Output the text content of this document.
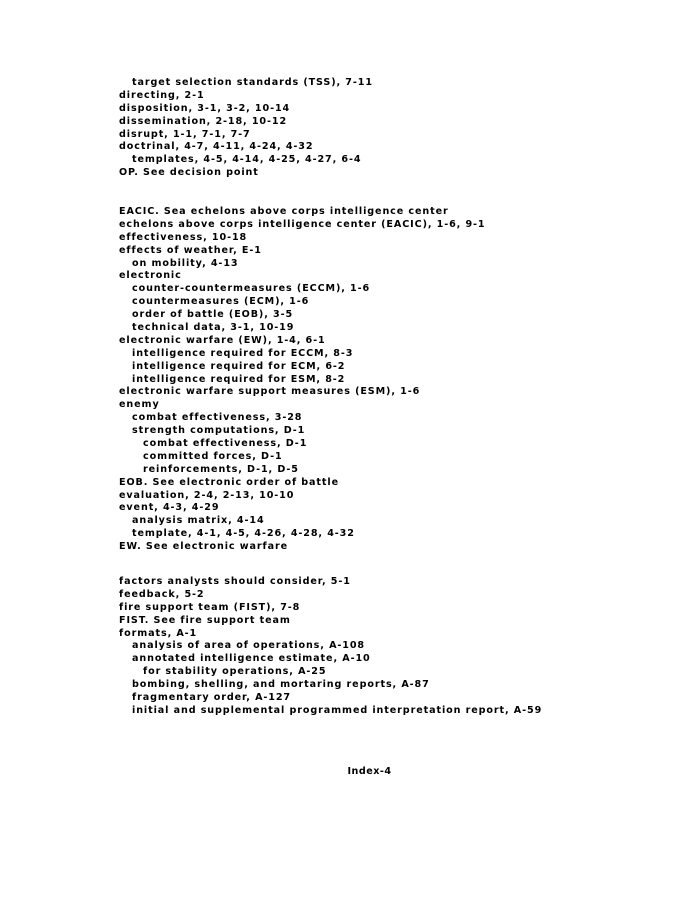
target selection standards (TSS), 7-11
directing, 2-1
disposition, 3-1, 3-2, 10-14
dissemination, 2-18, 10-12
disrupt, 1-1, 7-1, 7-7
doctrinal, 4-7, 4-11, 4-24, 4-32
templates, 4-5, 4-14, 4-25, 4-27, 6-4
OP. See decision point
EACIC. Sea echelons above corps intelligence center
echelons above corps intelligence center (EACIC), 1-6, 9-1
effectiveness, 10-18
effects of weather, E-1
on mobility, 4-13
electronic
counter-countermeasures (ECCM), 1-6
countermeasures (ECM), 1-6
order of battle (EOB), 3-5
technical data, 3-1, 10-19
electronic warfare (EW), 1-4, 6-1
intelligence required for ECCM, 8-3
intelligence required for ECM, 6-2
intelligence required for ESM, 8-2
electronic warfare support measures (ESM), 1-6
enemy
combat effectiveness, 3-28
strength computations, D-1
combat effectiveness, D-1
committed forces, D-1
reinforcements, D-1, D-5
EOB. See electronic order of battle
evaluation, 2-4, 2-13, 10-10
event, 4-3, 4-29
analysis matrix, 4-14
template, 4-1, 4-5, 4-26, 4-28, 4-32
EW. See electronic warfare
factors analysts should consider, 5-1
feedback, 5-2
fire support team (FIST), 7-8
FIST. See fire support team
formats, A-1
analysis of area of operations, A-108
annotated intelligence estimate, A-10
for stability operations, A-25
bombing, shelling, and mortaring reports, A-87
fragmentary order, A-127
initial and supplemental programmed interpretation report, A-59
Index-4
